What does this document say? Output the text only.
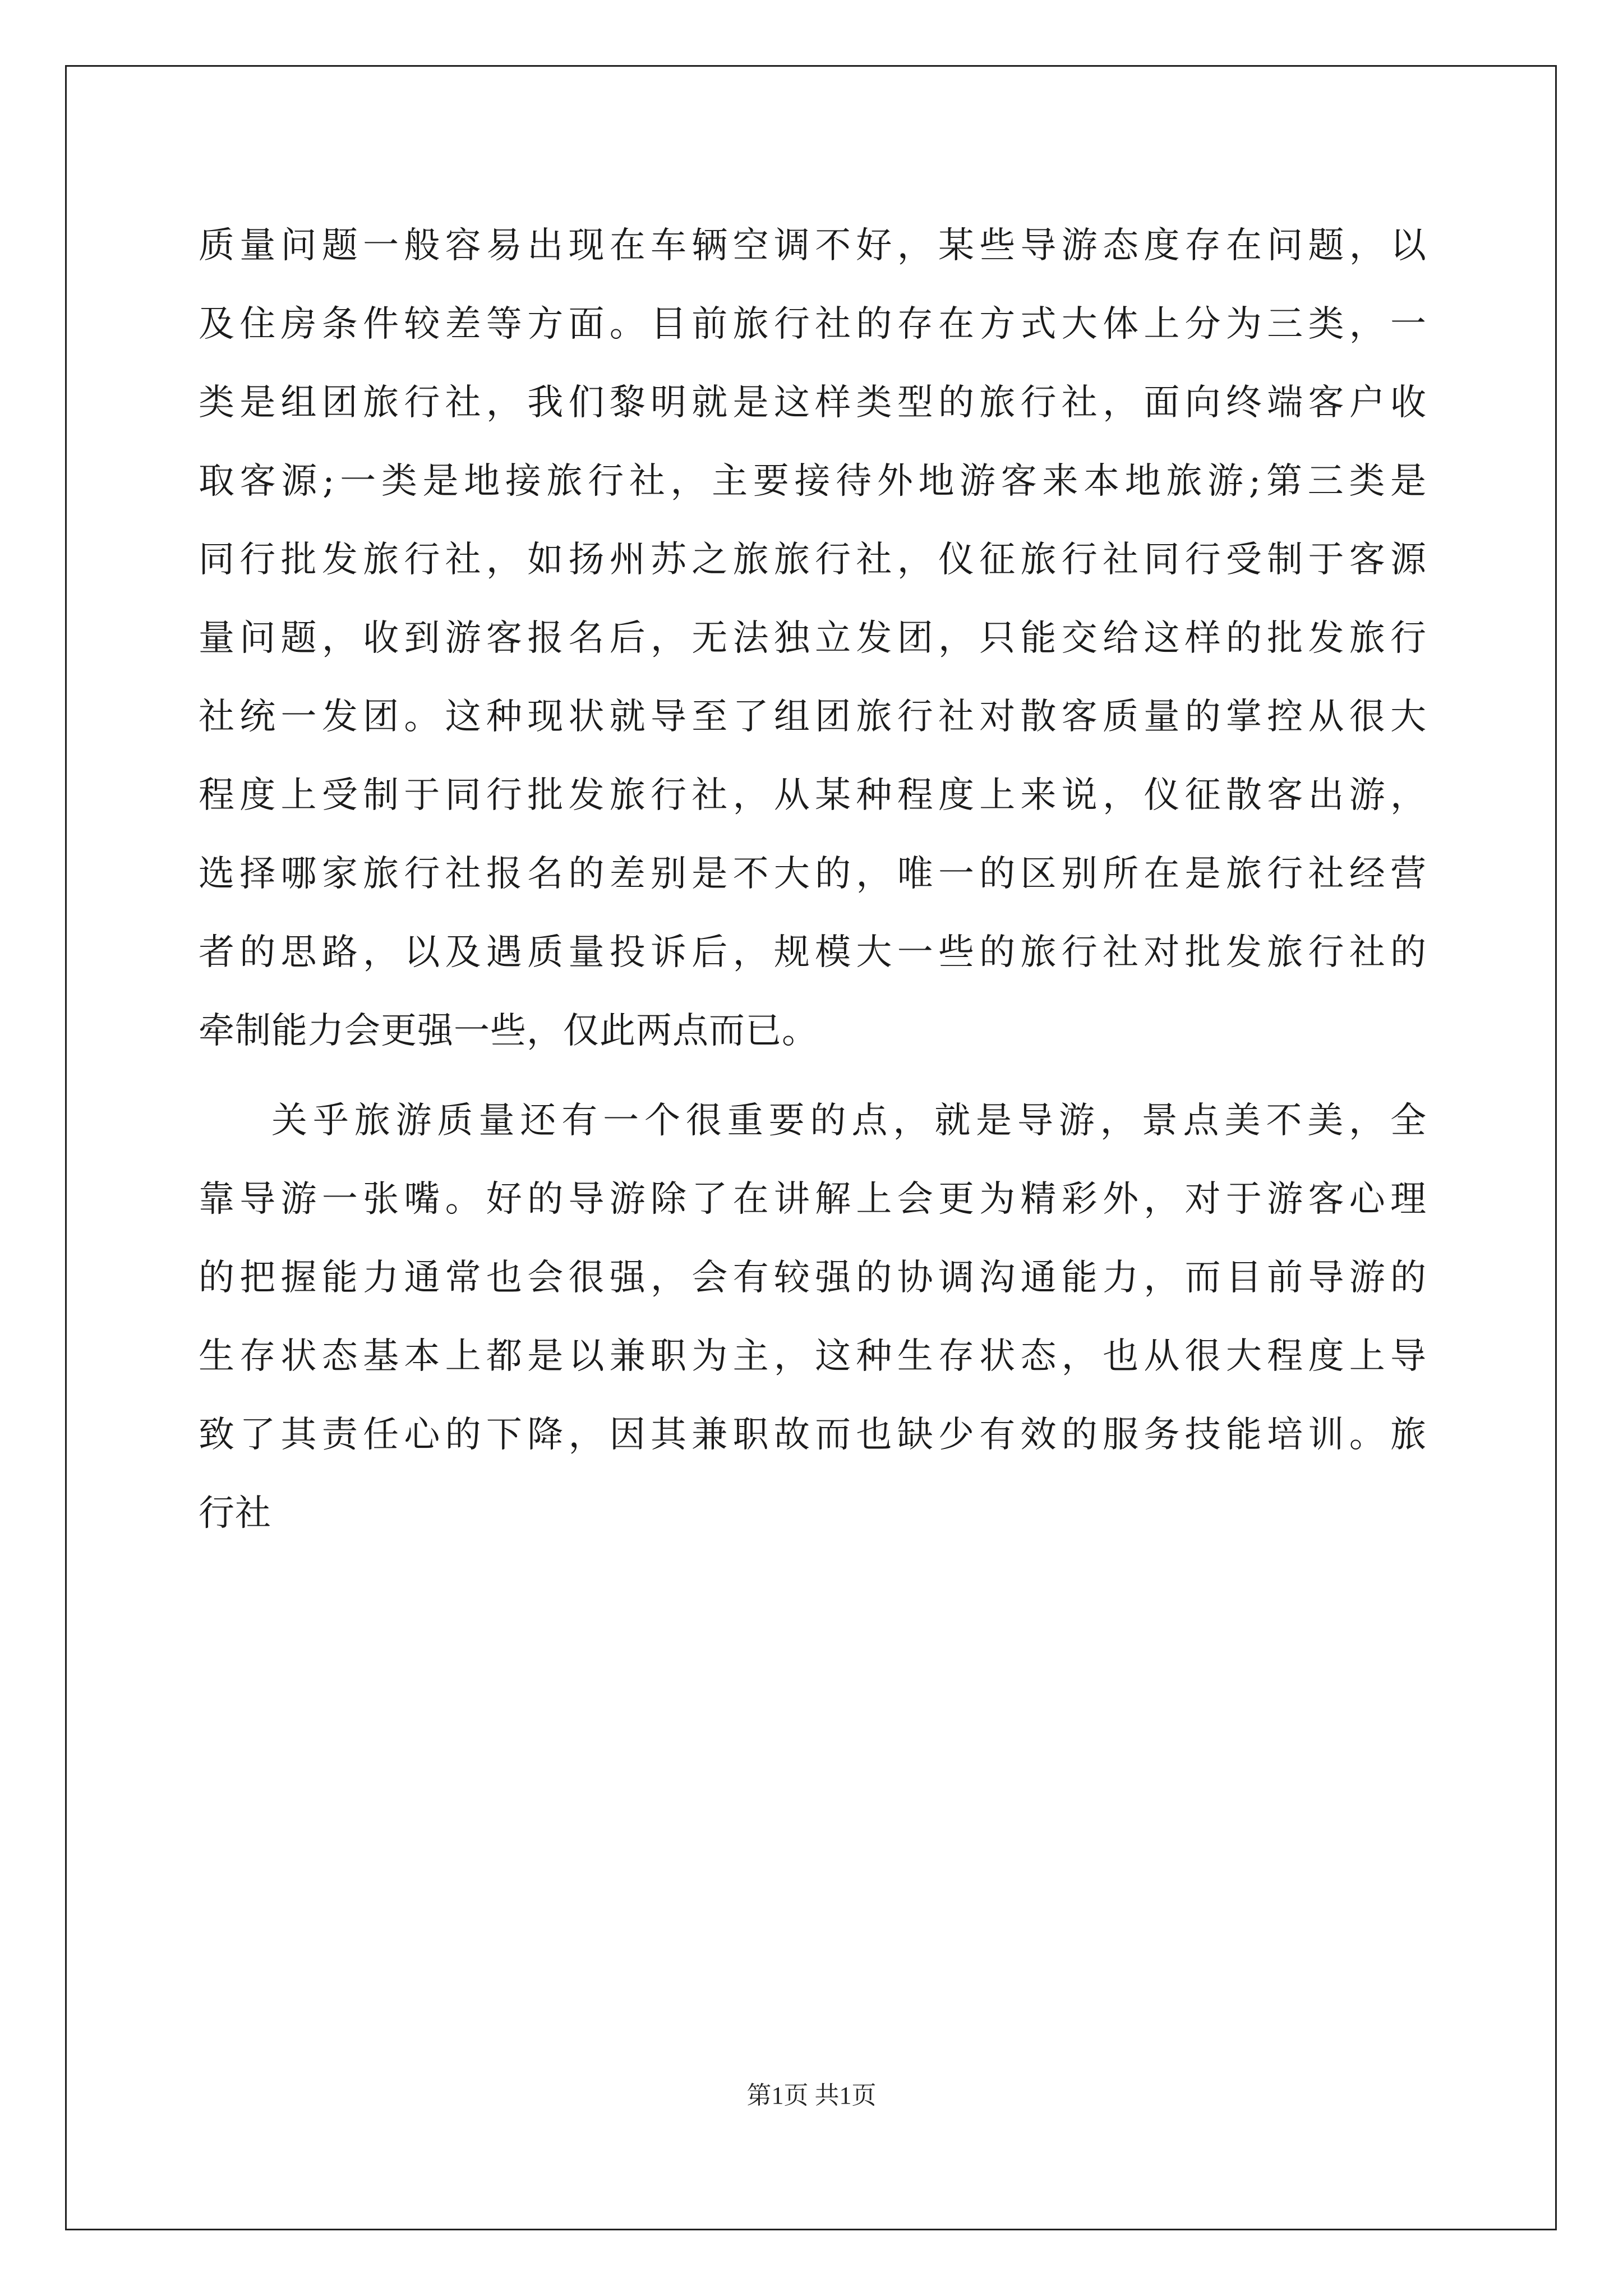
质量问题一般容易出现在车辆空调不好，某些导游态度存在问题，以
及住房条件较差等方面。目前旅行社的存在方式大体上分为三类，一
类是组团旅行社，我们黎明就是这样类型的旅行社，面向终端客户收
取客源;一类是地接旅行社，主要接待外地游客来本地旅游;第三类是
同行批发旅行社，如扬州苏之旅旅行社，仪征旅行社同行受制于客源
量问题，收到游客报名后，无法独立发团，只能交给这样的批发旅行
社统一发团。这种现状就导至了组团旅行社对散客质量的掌控从很大
程度上受制于同行批发旅行社，从某种程度上来说，仪征散客出游，
选择哪家旅行社报名的差别是不大的，唯一的区别所在是旅行社经营
者的思路，以及遇质量投诉后，规模大一些的旅行社对批发旅行社的
牵制能力会更强一些，仅此两点而已。
关乎旅游质量还有一个很重要的点，就是导游，景点美不美，全
靠导游一张嘴。好的导游除了在讲解上会更为精彩外，对于游客心理
的把握能力通常也会很强，会有较强的协调沟通能力，而目前导游的
生存状态基本上都是以兼职为主，这种生存状态，也从很大程度上导
致了其责任心的下降，因其兼职故而也缺少有效的服务技能培训。旅
行社
第1页 共1页
